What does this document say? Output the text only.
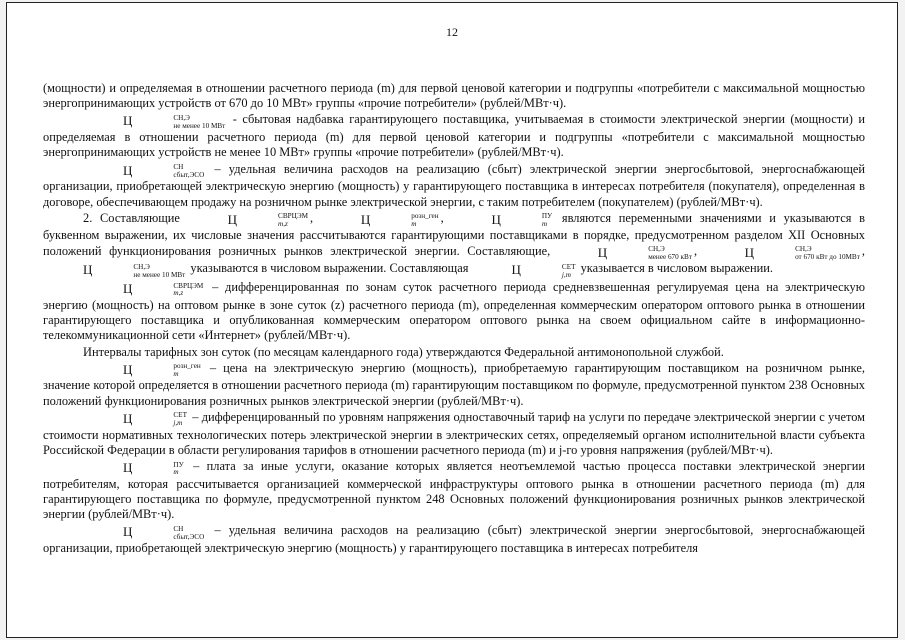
12

(мощности) и определяемая в отношении расчетного периода (m) для первой ценовой категории и подгруппы «потребители с максимальной мощностью энергопринимающих устройств от 670 до 10 МВт» группы «прочие потребители» (рублей/МВт·ч).

Ц	СН,Э
не менее 10 МВт - сбытовая надбавка гарантирующего поставщика, учитываемая в стоимости электрической энергии (мощности) и определяемая в отношении расчетного периода (m) для первой ценовой категории и подгруппы «потребители с максимальной мощностью энергопринимающих устройств не менее 10 МВт» группы «прочие потребители» (рублей/МВт·ч).

Ц	СН
сбыт,ЭСО – удельная величина расходов на реализацию (сбыт) электрической энергии энергосбытовой, энергоснабжающей организации, приобретающей электрическую энергию (мощность) у гарантирующего поставщика в интересах потребителя (покупателя), определенная в договоре, обеспечивающем продажу на розничном рынке электрической энергии, с таким потребителем (покупателем) (рублей/МВт·ч).

2. Составляющие	Ц	СВРЦЭМ
m,z	,	Ц	розн_ген
m	,	Ц	ПУ
m	являются переменными значениями и указываются в буквенном выражении, их числовые значения рассчитываются гарантирующими поставщиками в порядке, предусмотренном разделом XII Основных положений функционирования розничных рынков электрической энергии. Составляющие,	Ц	СН,Э
менее 670 кВт ,	Ц	СН,Э
от 670 кВт до 10МВт , Ц	СН,Э
не менее 10 МВт указываются в числовом выражении. Составляющая	Ц	СЕТ
j,m указывается в числовом выражении.

Ц	СВРЦЭМ
m,z	– дифференцированная по зонам суток расчетного периода средневзвешенная регулируемая цена на электрическую энергию (мощность) на оптовом рынке в зоне суток (z) расчетного периода (m), определенная коммерческим оператором оптового рынка в отношении гарантирующего поставщика и опубликованная коммерческим оператором оптового рынка на своем официальном сайте в информационно-телекоммуникационной сети «Интернет» (рублей/МВт·ч).

Интервалы тарифных зон суток (по месяцам календарного года) утверждаются Федеральной антимонопольной службой.

Ц	розн_ген
m	– цена на электрическую энергию (мощность), приобретаемую гарантирующим поставщиком на розничном рынке, значение которой определяется в отношении расчетного периода (m) гарантирующим поставщиком по формуле, предусмотренной пунктом 238 Основных положений функционирования розничных рынков электрической энергии (рублей/МВт·ч).

Ц	СЕТ
j,m – дифференцированный по уровням напряжения одноставочный тариф на услуги по передаче электрической энергии с учетом стоимости нормативных технологических потерь электрической энергии в электрических сетях, определяемый органом исполнительной власти субъекта Российской Федерации в области регулирования тарифов в отношении расчетного периода (m) и j-го уровня напряжения (рублей/МВт·ч).

Ц	ПУ
m	– плата за иные услуги, оказание которых является неотъемлемой частью процесса поставки электрической энергии потребителям, которая рассчитывается организацией коммерческой инфраструктуры оптового рынка в отношении расчетного периода (m) для гарантирующего поставщика по формуле, предусмотренной пунктом 248 Основных положений функционирования розничных рынков электрической энергии (рублей/МВт·ч).

Ц	СН
сбыт,ЭСО – удельная величина расходов на реализацию (сбыт) электрической энергии энергосбытовой, энергоснабжающей организации, приобретающей электрическую энергию (мощность) у гарантирующего поставщика в интересах потребителя
